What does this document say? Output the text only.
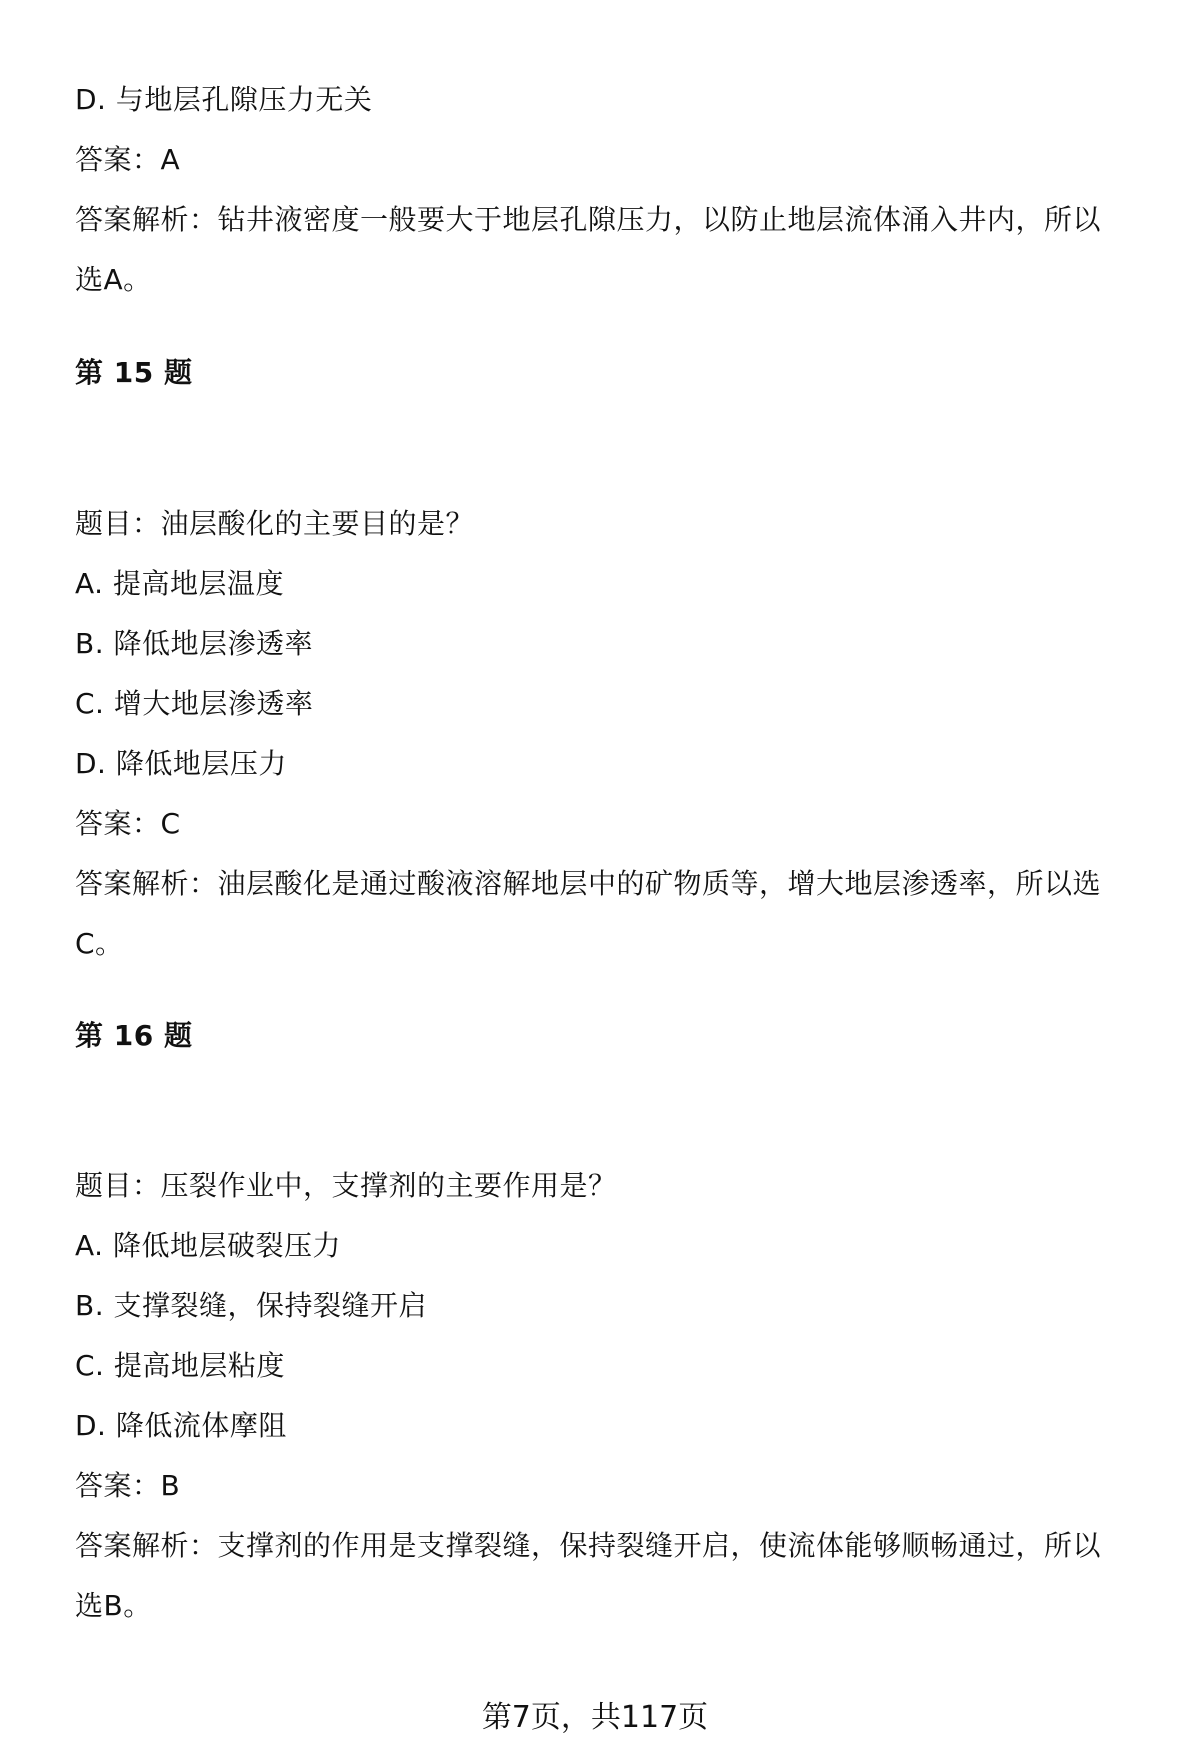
D. 与地层孔隙压力无关
答案：A
答案解析：钻井液密度一般要大于地层孔隙压力，以防止地层流体涌入井内，所以
选A。
第 15 题
题目：油层酸化的主要目的是？
A. 提高地层温度
B. 降低地层渗透率
C. 增大地层渗透率
D. 降低地层压力
答案：C
答案解析：油层酸化是通过酸液溶解地层中的矿物质等，增大地层渗透率，所以选
C。
第 16 题
题目：压裂作业中，支撑剂的主要作用是？
A. 降低地层破裂压力
B. 支撑裂缝，保持裂缝开启
C. 提高地层粘度
D. 降低流体摩阻
答案：B
答案解析：支撑剂的作用是支撑裂缝，保持裂缝开启，使流体能够顺畅通过，所以
选B。
第7页，共117页
